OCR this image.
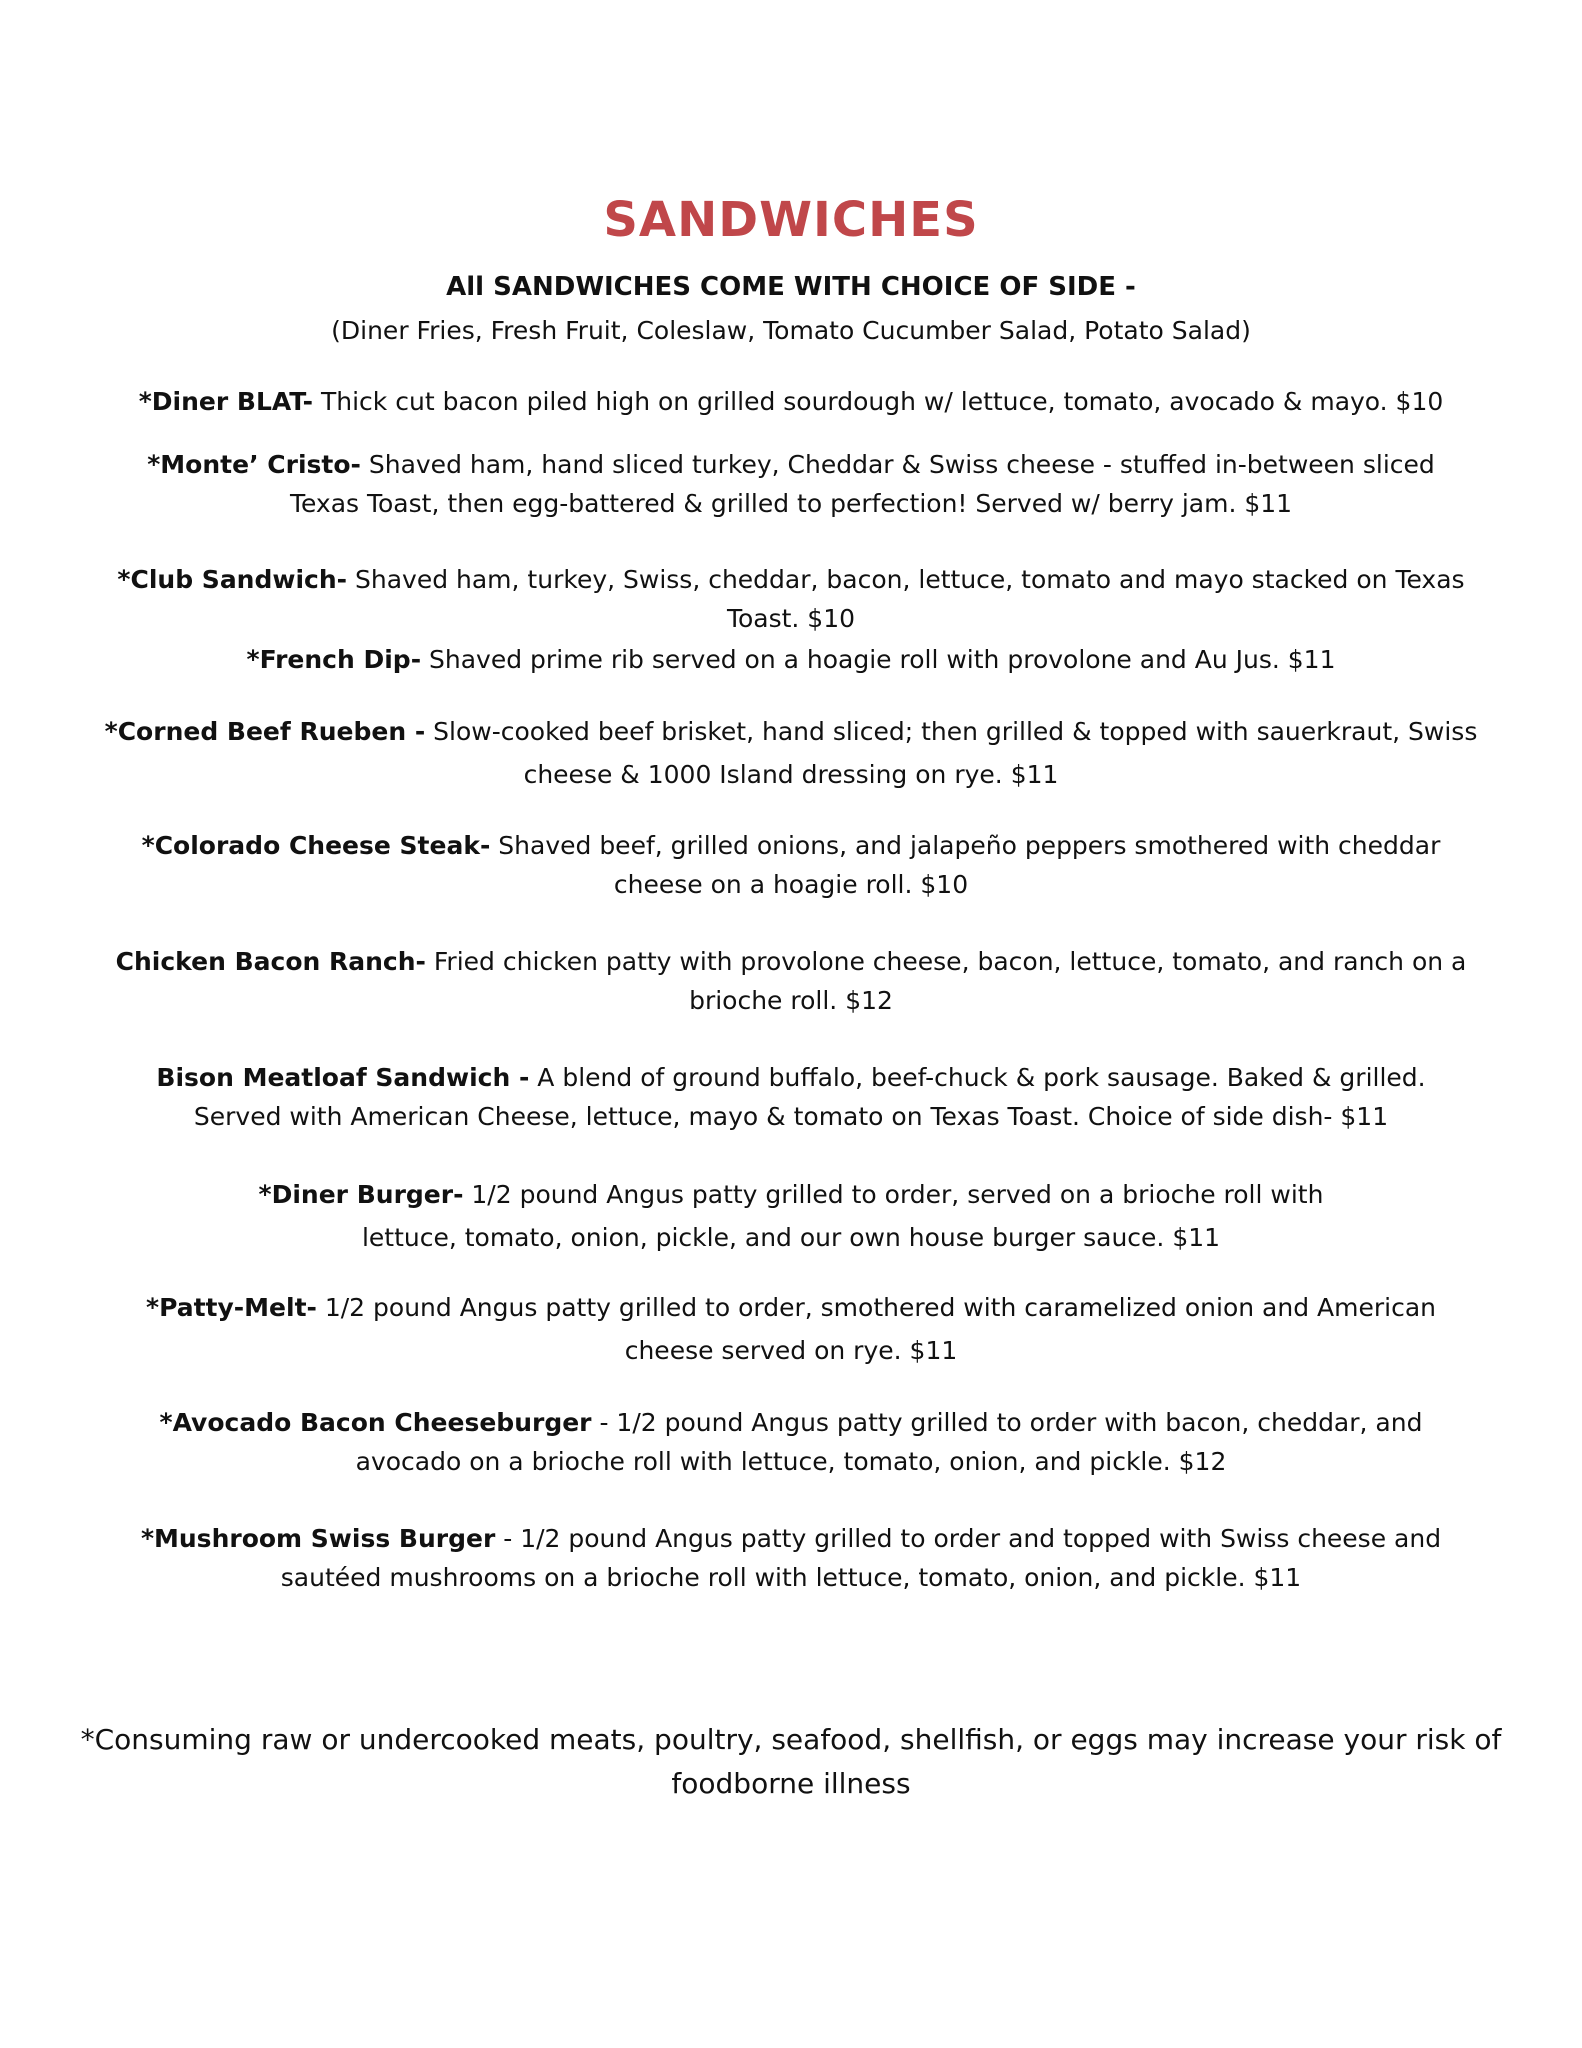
SANDWICHES
All SANDWICHES COME WITH CHOICE OF SIDE -
(Diner Fries, Fresh Fruit, Coleslaw, Tomato Cucumber Salad, Potato Salad)
*Diner BLAT- Thick cut bacon piled high on grilled sourdough w/ lettuce, tomato, avocado & mayo. $10
*Monte’ Cristo- Shaved ham, hand sliced turkey, Cheddar & Swiss cheese - stuffed in-between sliced Texas Toast, then egg-battered & grilled to perfection! Served w/ berry jam. $11
*Club Sandwich- Shaved ham, turkey, Swiss, cheddar, bacon, lettuce, tomato and mayo stacked on Texas Toast. $10
*French Dip- Shaved prime rib served on a hoagie roll with provolone and Au Jus. $11
*Corned Beef Rueben - Slow-cooked beef brisket, hand sliced; then grilled & topped with sauerkraut, Swiss cheese & 1000 Island dressing on rye. $11
*Colorado Cheese Steak- Shaved beef, grilled onions, and jalapeño peppers smothered with cheddar cheese on a hoagie roll. $10
Chicken Bacon Ranch- Fried chicken patty with provolone cheese, bacon, lettuce, tomato, and ranch on a brioche roll. $12
Bison Meatloaf Sandwich - A blend of ground buffalo, beef-chuck & pork sausage. Baked & grilled. Served with American Cheese, lettuce, mayo & tomato on Texas Toast. Choice of side dish- $11
*Diner Burger- 1/2 pound Angus patty grilled to order, served on a brioche roll with lettuce, tomato, onion, pickle, and our own house burger sauce. $11
*Patty-Melt- 1/2 pound Angus patty grilled to order, smothered with caramelized onion and American cheese served on rye. $11
*Avocado Bacon Cheeseburger - 1/2 pound Angus patty grilled to order with bacon, cheddar, and avocado on a brioche roll with lettuce, tomato, onion, and pickle. $12
*Mushroom Swiss Burger - 1/2 pound Angus patty grilled to order and topped with Swiss cheese and sautéed mushrooms on a brioche roll with lettuce, tomato, onion, and pickle. $11
*Consuming raw or undercooked meats, poultry, seafood, shellfish, or eggs may increase your risk of foodborne illness
